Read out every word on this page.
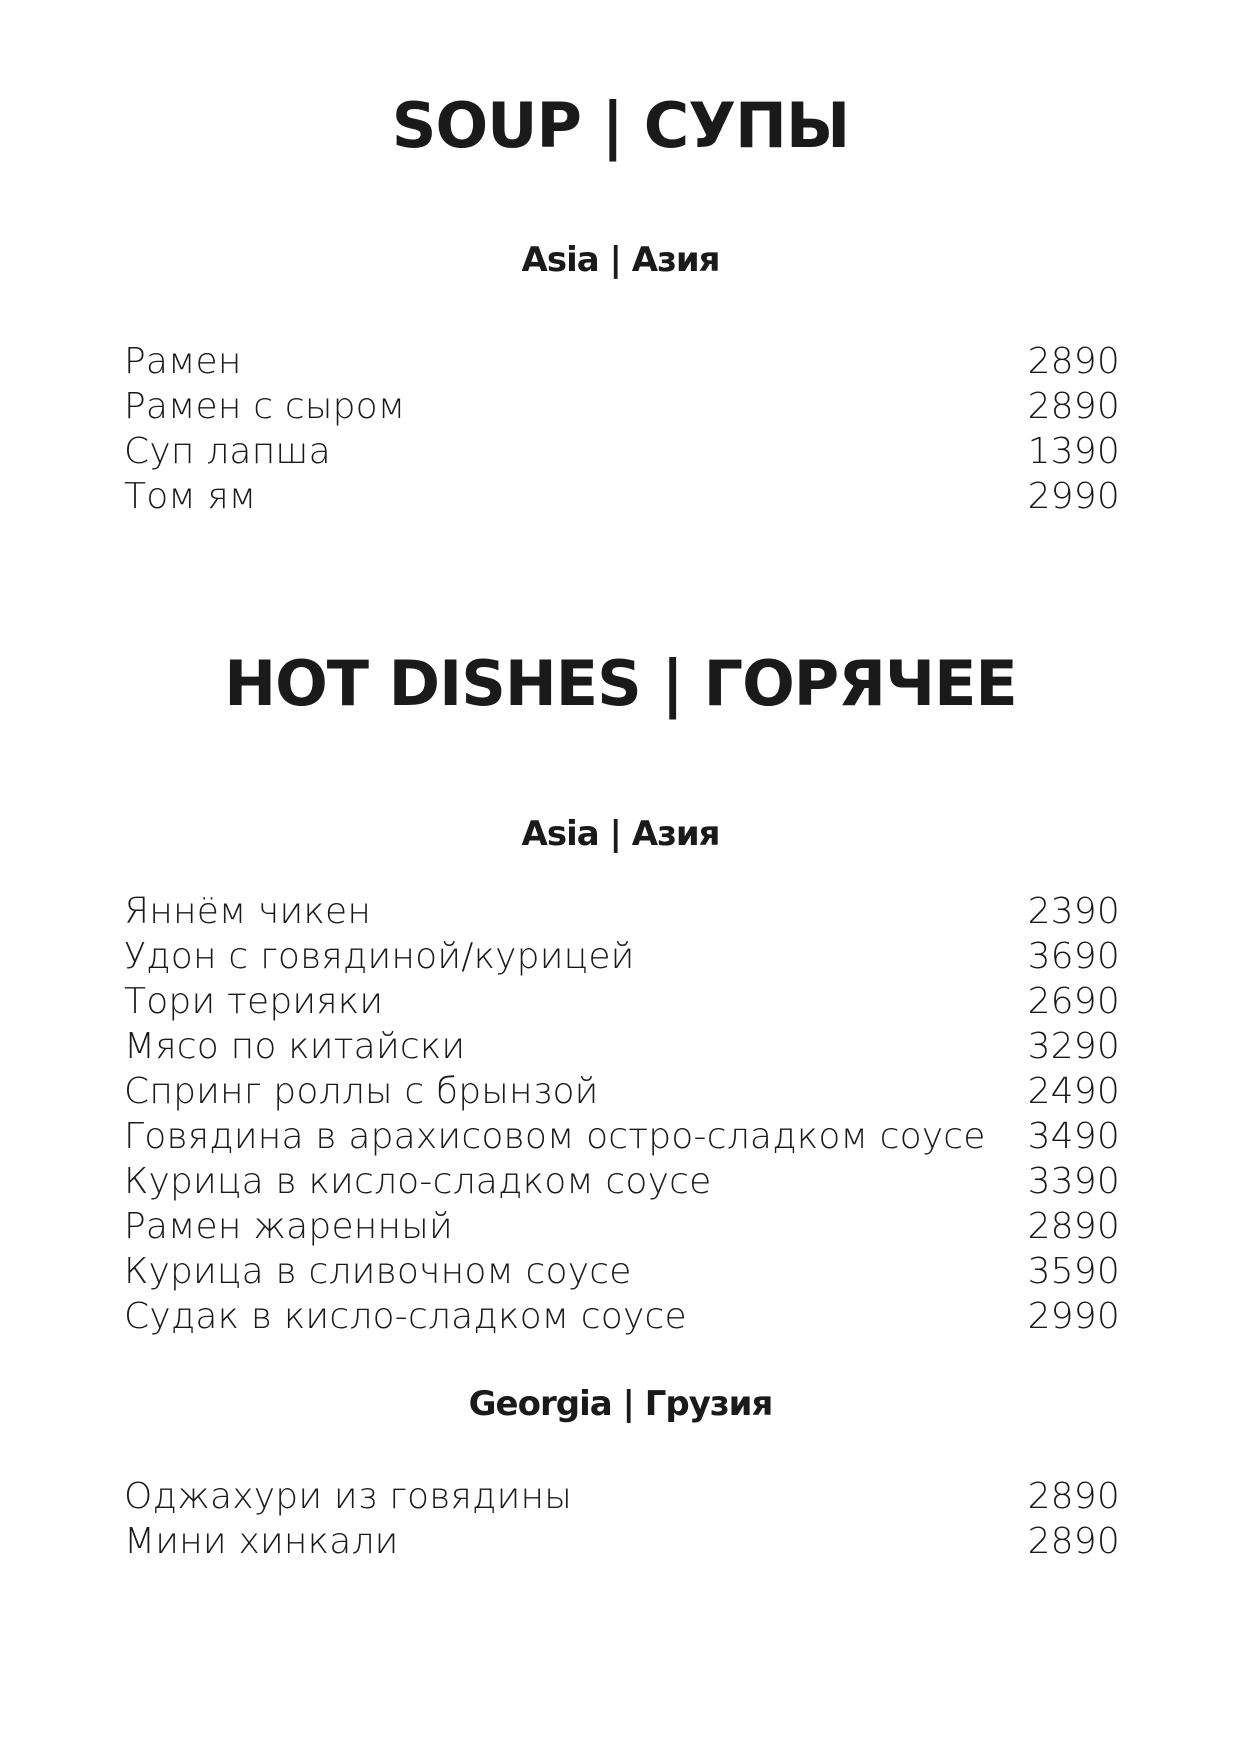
SOUP | СУПЫ
Asia | Азия
Рамен	2890
Рамен с сыром	2890
Суп лапша	1390
Том ям	2990
HOT DISHES | ГОРЯЧЕЕ
Asia | Азия
Яннём чикен	2390
Удон с говядиной/курицей	3690
Тори терияки	2690
Мясо по китайски	3290
Спринг роллы с брынзой	2490
Говядина в арахисовом остро-сладком соусе 3490
Курица в кисло-сладком соусе	3390
Рамен жаренный	2890
Курица в сливочном соусе	3590
Судак в кисло-сладком соусе	2990
Georgia | Грузия
Оджахури из говядины	2890
Мини хинкали	2890
